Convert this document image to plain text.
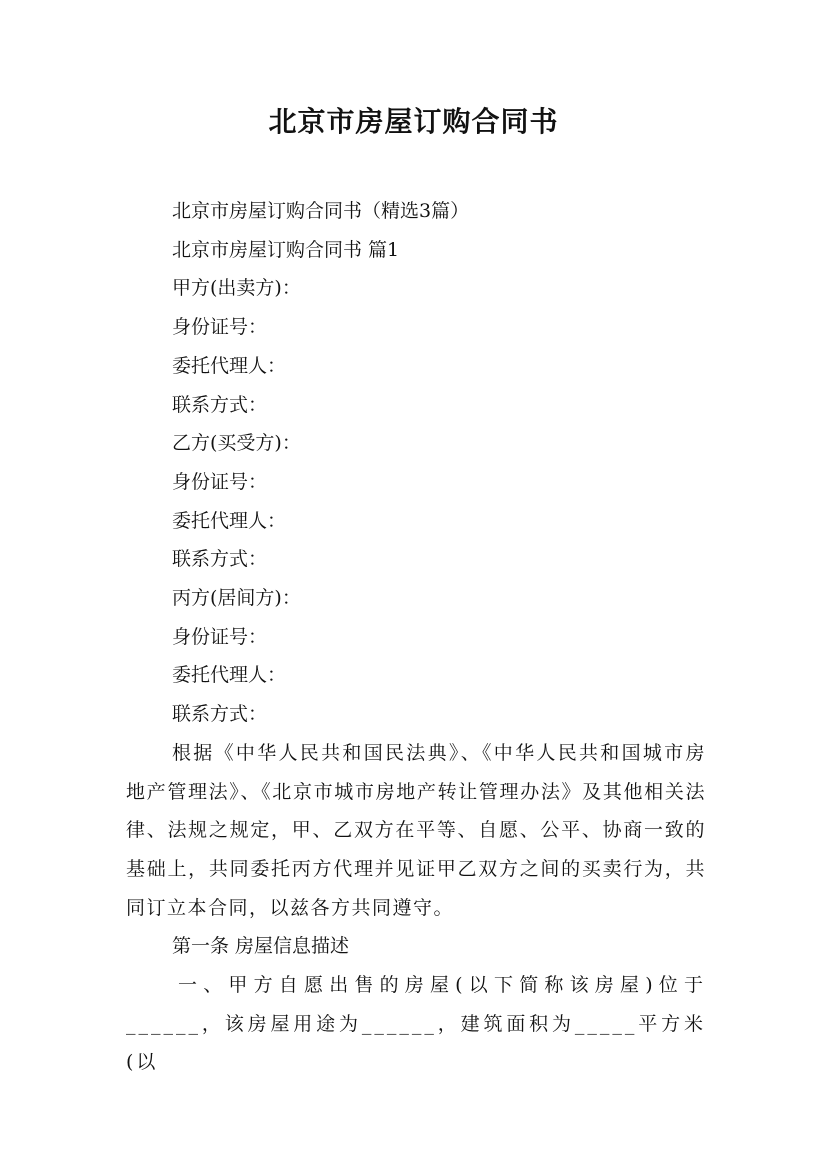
北京市房屋订购合同书
北京市房屋订购合同书（精选3篇）
北京市房屋订购合同书 篇1
甲方(出卖方)：
身份证号：
委托代理人：
联系方式：
乙方(买受方)：
身份证号：
委托代理人：
联系方式：
丙方(居间方)：
身份证号：
委托代理人：
联系方式：
根据《中华人民共和国民法典》、《中华人民共和国城市房地产管理法》、《北京市城市房地产转让管理办法》及其他相关法律、法规之规定，甲、乙双方在平等、自愿、公平、协商一致的基础上，共同委托丙方代理并见证甲乙双方之间的买卖行为，共同订立本合同，以兹各方共同遵守。
第一条 房屋信息描述
一、甲方自愿出售的房屋(以下简称该房屋)位于______，该房屋用途为______，建筑面积为_____平方米(以
